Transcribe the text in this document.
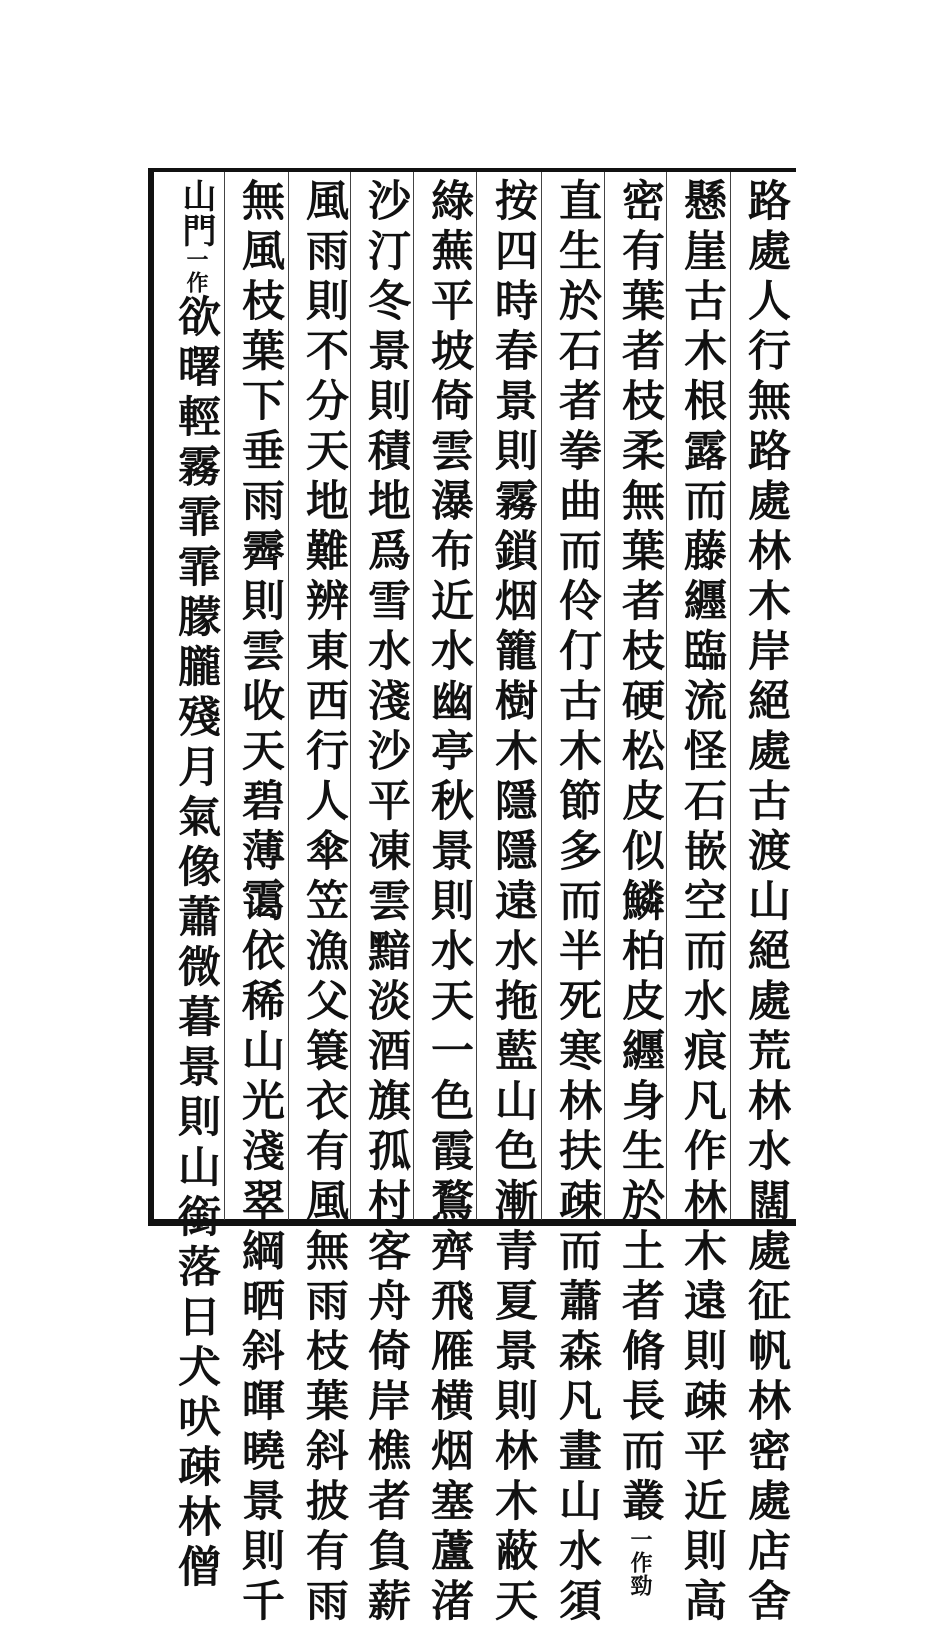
路處人行無路處林木岸絕處古渡山絕處荒林水闊處征帆林密處店舍
懸崖古木根露而藤纒臨流怪石嵌空而水痕凡作林木遠則疎平近則高
密有葉者枝柔無葉者枝硬松皮似鱗柏皮纒身生於土者脩長而叢一作勁
直生於石者拳曲而伶仃古木節多而半死寒林扶疎而蕭森凡畫山水須
按四時春景則霧鎖烟籠樹木隱隱遠水拖藍山色漸青夏景則林木蔽天
綠蕪平坡倚雲瀑布近水幽亭秋景則水天一色霞鶩齊飛雁横烟塞蘆渚
沙汀冬景則積地爲雪水淺沙平凍雲黯淡酒旗孤村客舟倚岸樵者負薪
風雨則不分天地難辨東西行人傘笠漁父簑衣有風無雨枝葉斜披有雨
無風枝葉下垂雨霽則雲收天碧薄霭依稀山光淺翠綱晒斜暉曉景則千
山門一作欲曙輕霧霏霏朦朧殘月氣像蕭微暮景則山銜落日犬吠疎林僧
